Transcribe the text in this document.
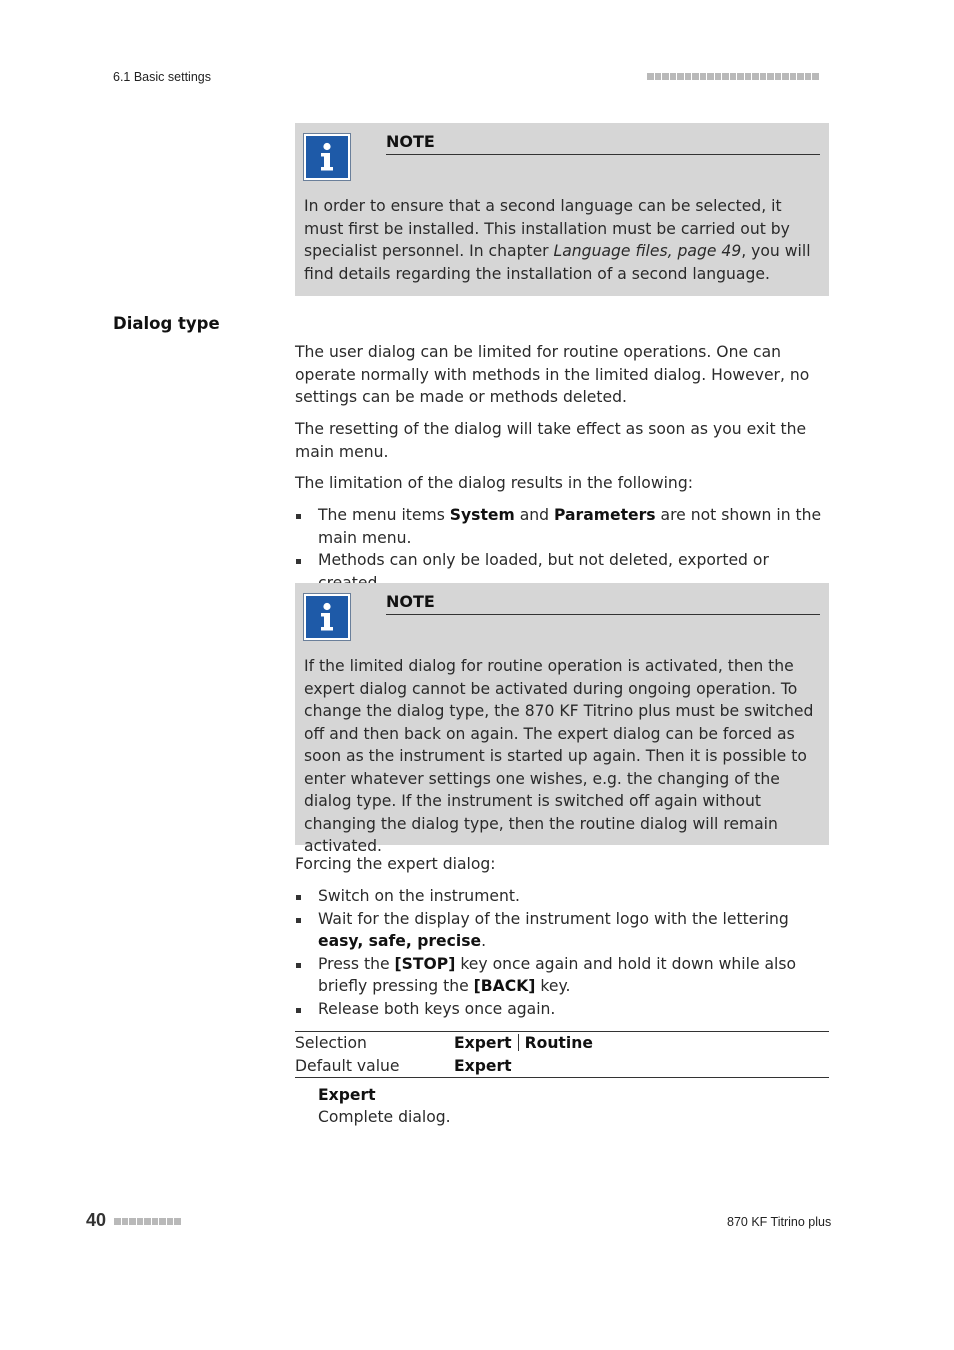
6.1 Basic settings
NOTE
In order to ensure that a second language can be selected, it must first be installed. This installation must be carried out by specialist personnel. In chapter Language files, page 49, you will find details regarding the installation of a second language.
Dialog type
The user dialog can be limited for routine operations. One can operate normally with methods in the limited dialog. However, no settings can be made or methods deleted.
The resetting of the dialog will take effect as soon as you exit the main menu.
The limitation of the dialog results in the following:
The menu items System and Parameters are not shown in the main menu.
Methods can only be loaded, but not deleted, exported or
NOTE
If the limited dialog for routine operation is activated, then the expert dialog cannot be activated during ongoing operation. To change the dialog type, the 870 KF Titrino plus must be switched off and then back on again. The expert dialog can be forced as soon as the instrument is started up again. Then it is possible to enter whatever settings one wishes, e.g. the changing of the dialog type. If the instrument is switched off again without changing the dialog type, then the routine dialog will remain activated.
Forcing the expert dialog:
Switch on the instrument.
Wait for the display of the instrument logo with the lettering easy, safe, precise.
Press the [STOP] key once again and hold it down while also briefly pressing the [BACK] key.
Release both keys once again.
Selection	Expert Routine
Default value	Expert
Expert
Complete dialog.
40	870 KF Titrino plus
